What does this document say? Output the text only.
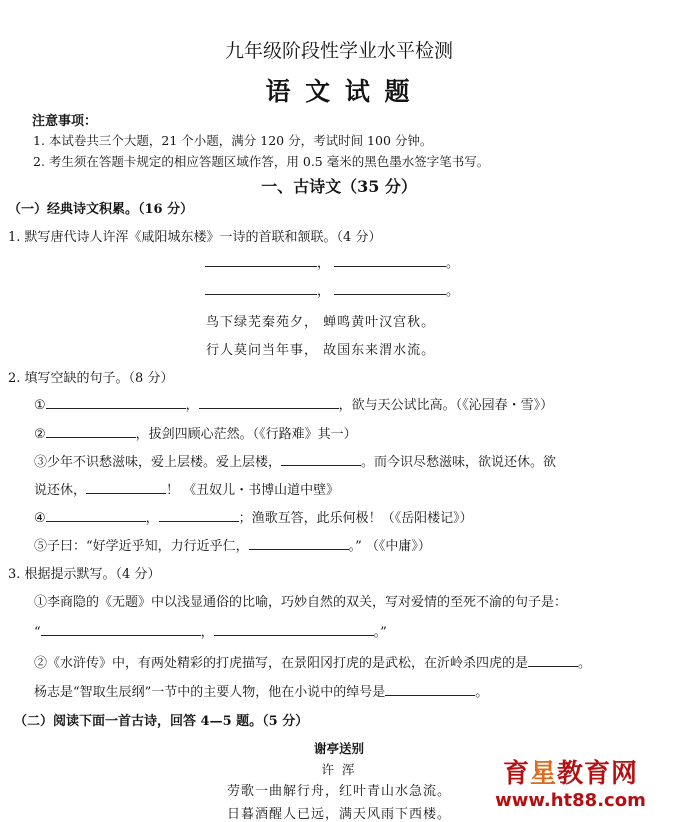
九年级阶段性学业水平检测
语 文 试 题
注意事项：
1. 本试卷共三个大题，21 个小题，满分 120 分，考试时间 100 分钟。
2. 考生须在答题卡规定的相应答题区域作答，用 0.5 毫米的黑色墨水签字笔书写。
一、古诗文（35 分）
（一）经典诗文积累。（16 分）
1. 默写唐代诗人许浑《咸阳城东楼》一诗的首联和颔联。（4 分）
，	。
，	。
鸟下绿芜秦苑夕， 蝉鸣黄叶汉宫秋。
行人莫问当年事， 故国东来渭水流。
2. 填写空缺的句子。（8 分）
①	，	，欲与天公试比高。（《沁园春・雪》）
②	，拔剑四顾心茫然。（《行路难》其一）
③少年不识愁滋味，爱上层楼。爱上层楼，	。而今识尽愁滋味，欲说还休。欲
说还休，	！ 《丑奴儿・书博山道中壁》
④	，	；渔歌互答，此乐何极！（《岳阳楼记》）
⑤子曰：“好学近乎知，力行近乎仁，	。” （《中庸》）
3. 根据提示默写。（4 分）
①李商隐的《无题》中以浅显通俗的比喻，巧妙自然的双关，写对爱情的至死不渝的句子是：
“	，	。”
②《水浒传》中，有两处精彩的打虎描写，在景阳冈打虎的是武松，在沂岭杀四虎的是	。
杨志是“智取生辰纲”一节中的主要人物，他在小说中的绰号是	。
（二）阅读下面一首古诗，回答 4—5 题。（5 分）
谢亭送别
许 浑
劳歌一曲解行舟，红叶青山水急流。
日暮酒醒人已远，满天风雨下西楼。
育星教育网
www.ht88.com
